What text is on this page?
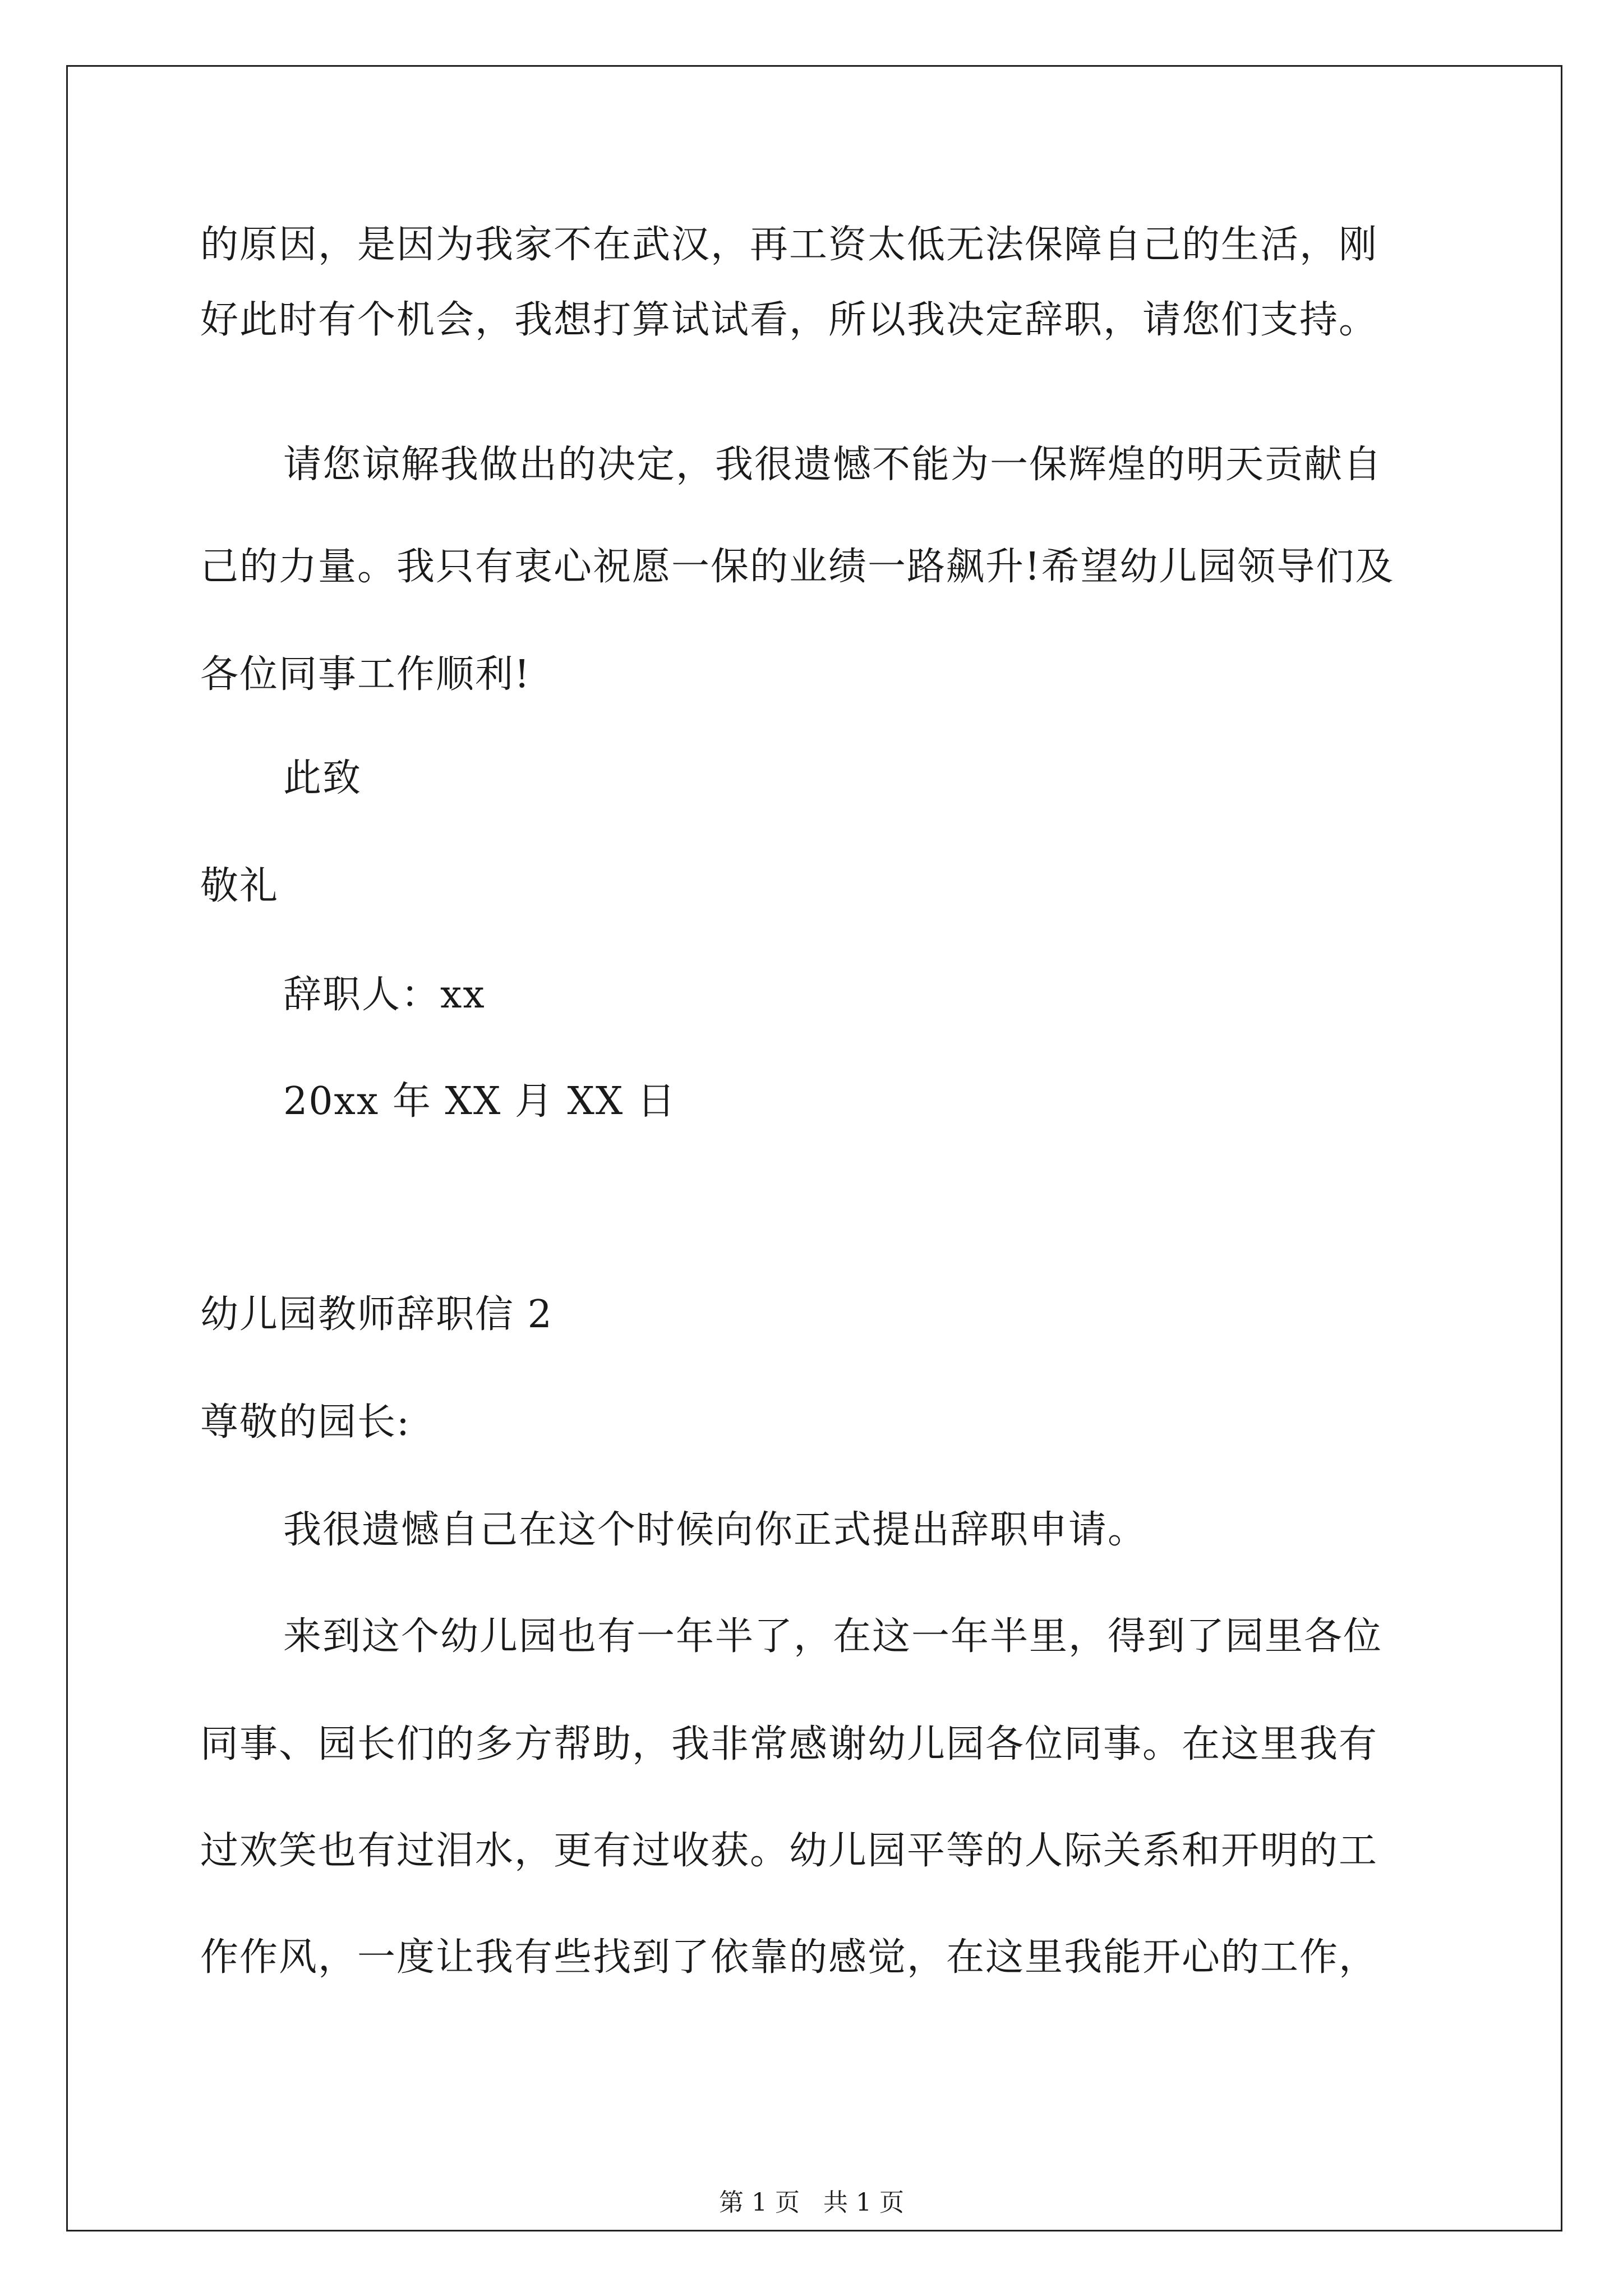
的原因，是因为我家不在武汉，再工资太低无法保障自己的生活，刚
好此时有个机会，我想打算试试看，所以我决定辞职，请您们支持。
请您谅解我做出的决定，我很遗憾不能为一保辉煌的明天贡献自
己的力量。我只有衷心祝愿一保的业绩一路飙升!希望幼儿园领导们及
各位同事工作顺利!
此致
敬礼
辞职人：xx
20xx 年 XX 月 XX 日
幼儿园教师辞职信 2
尊敬的园长:
我很遗憾自己在这个时候向你正式提出辞职申请。
来到这个幼儿园也有一年半了，在这一年半里，得到了园里各位
同事、园长们的多方帮助，我非常感谢幼儿园各位同事。在这里我有
过欢笑也有过泪水，更有过收获。幼儿园平等的人际关系和开明的工
作作风，一度让我有些找到了依靠的感觉，在这里我能开心的工作，
第 1 页   共 1 页
